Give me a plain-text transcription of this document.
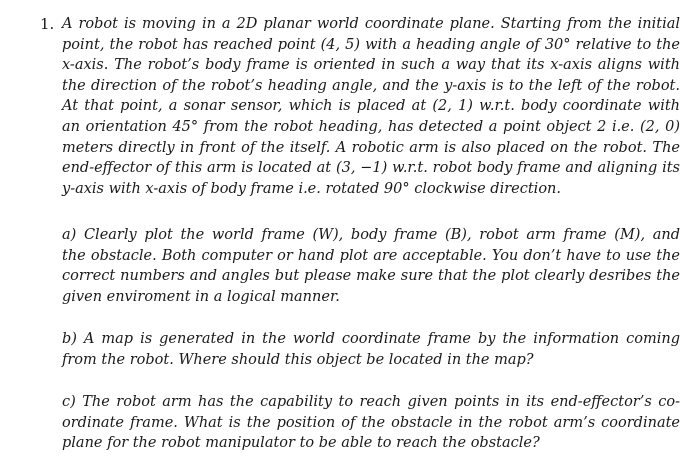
1. A robot is moving in a 2D planar world coordinate plane. Starting from the initial
point, the robot has reached point (4, 5) with a heading angle of 30° relative to the
x-axis. The robot’s body frame is oriented in such a way that its x-axis aligns with
the direction of the robot’s heading angle, and the y-axis is to the left of the robot.
At that point, a sonar sensor, which is placed at (2, 1) w.r.t. body coordinate with
an orientation 45° from the robot heading, has detected a point object 2 i.e. (2, 0)
meters directly in front of the itself. A robotic arm is also placed on the robot. The
end-effector of this arm is located at (3, −1) w.r.t. robot body frame and aligning its
y-axis with x-axis of body frame i.e. rotated 90° clockwise direction.
a) Clearly plot the world frame (W), body frame (B), robot arm frame (M), and
the obstacle. Both computer or hand plot are acceptable. You don’t have to use the
correct numbers and angles but please make sure that the plot clearly desribes the
given enviroment in a logical manner.
b) A map is generated in the world coordinate frame by the information coming
from the robot. Where should this object be located in the map?
c) The robot arm has the capability to reach given points in its end-effector’s co-
ordinate frame. What is the position of the obstacle in the robot arm’s coordinate
plane for the robot manipulator to be able to reach the obstacle?
